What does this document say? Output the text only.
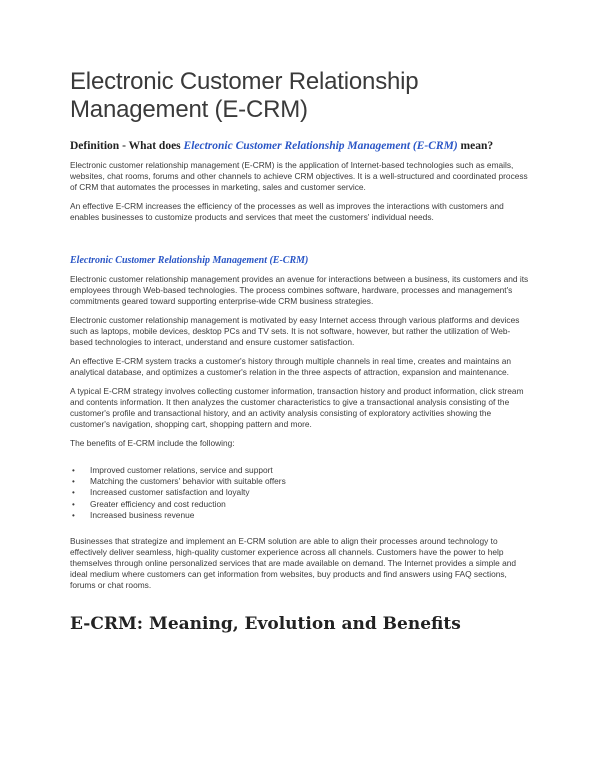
Electronic Customer Relationship
Management (E-CRM)
Definition - What does Electronic Customer Relationship Management (E-CRM) mean?

Electronic customer relationship management (E-CRM) is the application of Internet-based technologies such as emails, websites, chat rooms, forums and other channels to achieve CRM objectives. It is a well-structured and coordinated process of CRM that automates the processes in marketing, sales and customer service.

An effective E-CRM increases the efficiency of the processes as well as improves the interactions with customers and enables businesses to customize products and services that meet the customers' individual needs.

Electronic Customer Relationship Management (E-CRM)

Electronic customer relationship management provides an avenue for interactions between a business, its customers and its employees through Web-based technologies. The process combines software, hardware, processes and management's commitments geared toward supporting enterprise-wide CRM business strategies.

Electronic customer relationship management is motivated by easy Internet access through various platforms and devices such as laptops, mobile devices, desktop PCs and TV sets. It is not software, however, but rather the utilization of Web-based technologies to interact, understand and ensure customer satisfaction.

An effective E-CRM system tracks a customer's history through multiple channels in real time, creates and maintains an analytical database, and optimizes a customer's relation in the three aspects of attraction, expansion and maintenance.

A typical E-CRM strategy involves collecting customer information, transaction history and product information, click stream and contents information. It then analyzes the customer characteristics to give a transactional analysis consisting of the customer's profile and transactional history, and an activity analysis consisting of exploratory activities showing the customer's navigation, shopping cart, shopping pattern and more.

The benefits of E-CRM include the following:

• Improved customer relations, service and support
• Matching the customers' behavior with suitable offers
• Increased customer satisfaction and loyalty
• Greater efficiency and cost reduction
• Increased business revenue

Businesses that strategize and implement an E-CRM solution are able to align their processes around technology to effectively deliver seamless, high-quality customer experience across all channels. Customers have the power to help themselves through online personalized services that are made available on demand. The Internet provides a simple and ideal medium where customers can get information from websites, buy products and find answers using FAQ sections, forums or chat rooms.

E-CRM: Meaning, Evolution and Benefits
